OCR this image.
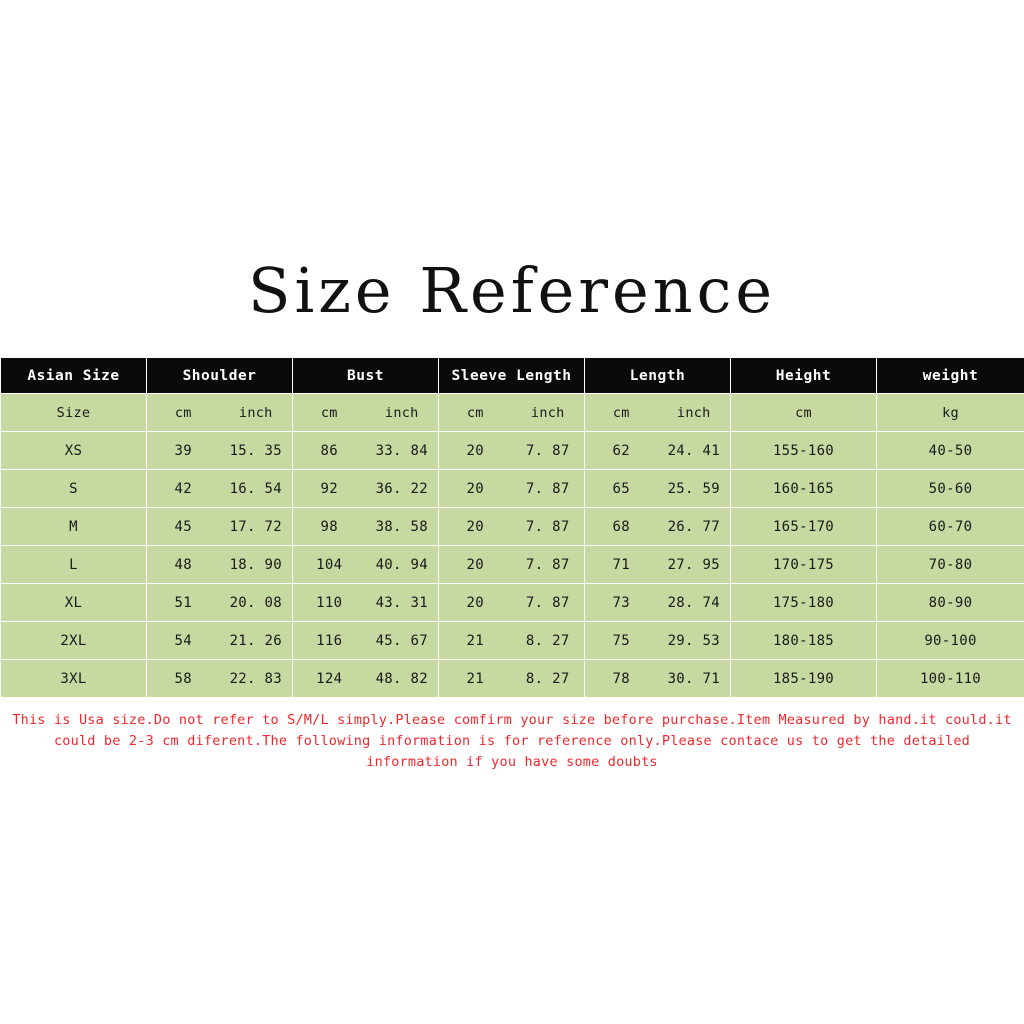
Size Reference
Asian Size	Shoulder	Bust	Sleeve Length	Length	Height	weight
Size	cm inch	cm inch	cm inch	cm inch	cm	kg
XS	39 15. 35	86 33. 84	20 7. 87	62 24. 41	155-160	40-50
S	42 16. 54	92 36. 22	20 7. 87	65 25. 59	160-165	50-60
M	45 17. 72	98 38. 58	20 7. 87	68 26. 77	165-170	60-70
L	48 18. 90	104 40. 94	20 7. 87	71 27. 95	170-175	70-80
XL	51 20. 08	110 43. 31	20 7. 87	73 28. 74	175-180	80-90
2XL	54 21. 26	116 45. 67	21 8. 27	75 29. 53	180-185	90-100
3XL	58 22. 83	124 48. 82	21 8. 27	78 30. 71	185-190	100-110
This is Usa size.Do not refer to S/M/L simply.Please comfirm your size before purchase.Item Measured by hand.it could.it could be 2-3 cm diferent.The following information is for reference only.Please contace us to get the detailed information if you have some doubts
